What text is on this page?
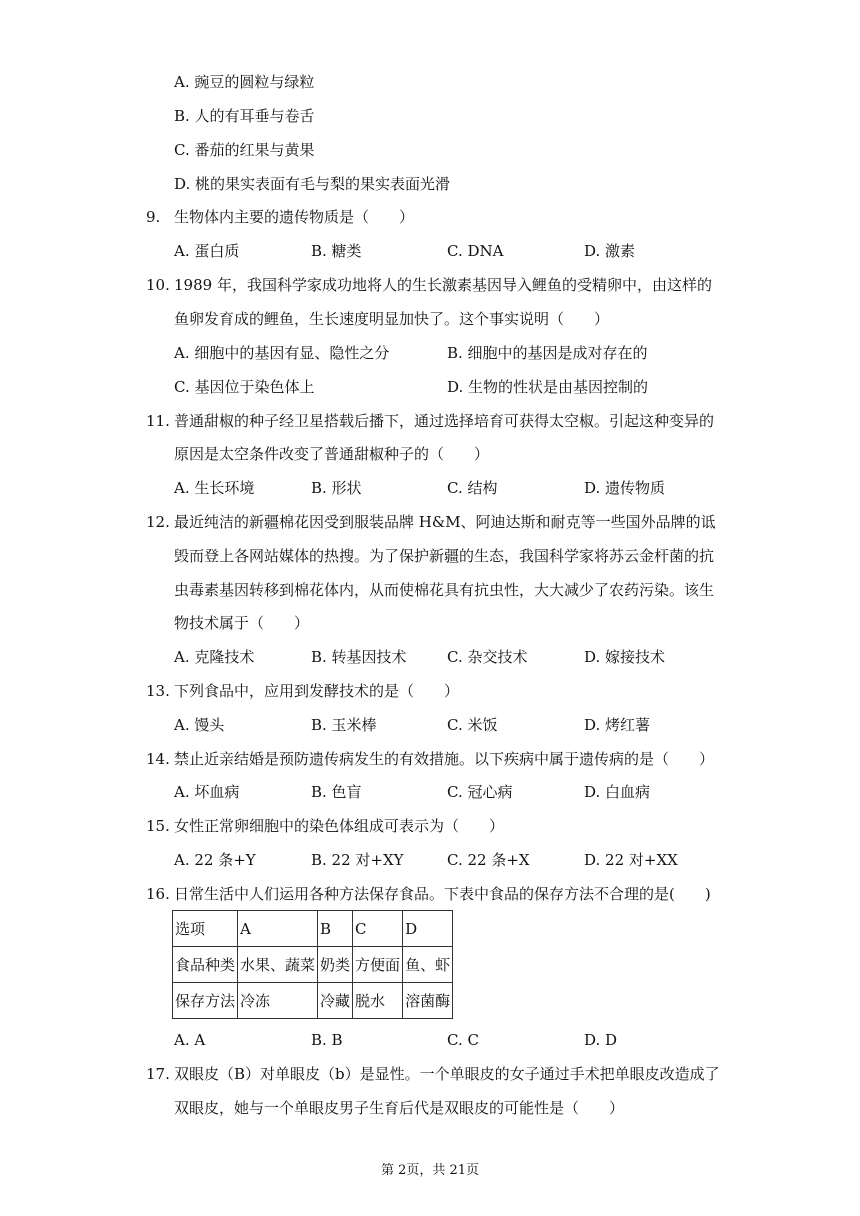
A. 豌豆的圆粒与绿粒
B. 人的有耳垂与卷舌
C. 番茄的红果与黄果
D. 桃的果实表面有毛与梨的果实表面光滑
9. 生物体内主要的遗传物质是（　　）
A. 蛋白质	B. 糖类	C. DNA	D. 激素
10. 1989 年，我国科学家成功地将人的生长激素基因导入鲤鱼的受精卵中，由这样的
鱼卵发育成的鲤鱼，生长速度明显加快了。这个事实说明（　　）
A. 细胞中的基因有显、隐性之分	B. 细胞中的基因是成对存在的
C. 基因位于染色体上	D. 生物的性状是由基因控制的
11. 普通甜椒的种子经卫星搭载后播下，通过选择培育可获得太空椒。引起这种变异的
原因是太空条件改变了普通甜椒种子的（　　）
A. 生长环境	B. 形状	C. 结构	D. 遗传物质
12. 最近纯洁的新疆棉花因受到服装品牌 H&M、阿迪达斯和耐克等一些国外品牌的诋
毁而登上各网站媒体的热搜。为了保护新疆的生态，我国科学家将苏云金杆菌的抗
虫毒素基因转移到棉花体内，从而使棉花具有抗虫性，大大减少了农药污染。该生
物技术属于（　　）
A. 克隆技术	B. 转基因技术	C. 杂交技术	D. 嫁接技术
13. 下列食品中，应用到发酵技术的是（　　）
A. 馒头	B. 玉米棒	C. 米饭	D. 烤红薯
14. 禁止近亲结婚是预防遗传病发生的有效措施。以下疾病中属于遗传病的是（　　）
A. 坏血病	B. 色盲	C. 冠心病	D. 白血病
15. 女性正常卵细胞中的染色体组成可表示为（　　）
A. 22 条+Y	B. 22 对+XY	C. 22 条+X	D. 22 对+XX
16. 日常生活中人们运用各种方法保存食品。下表中食品的保存方法不合理的是(　　)
选项	A	B	C	D
食品种类	水果、蔬菜	奶类	方便面	鱼、虾
保存方法	冷冻	冷藏	脱水	溶菌酶
A. A	B. B	C. C	D. D
17. 双眼皮（B）对单眼皮（b）是显性。一个单眼皮的女子通过手术把单眼皮改造成了
双眼皮，她与一个单眼皮男子生育后代是双眼皮的可能性是（　　）
第 2页，共 21页
